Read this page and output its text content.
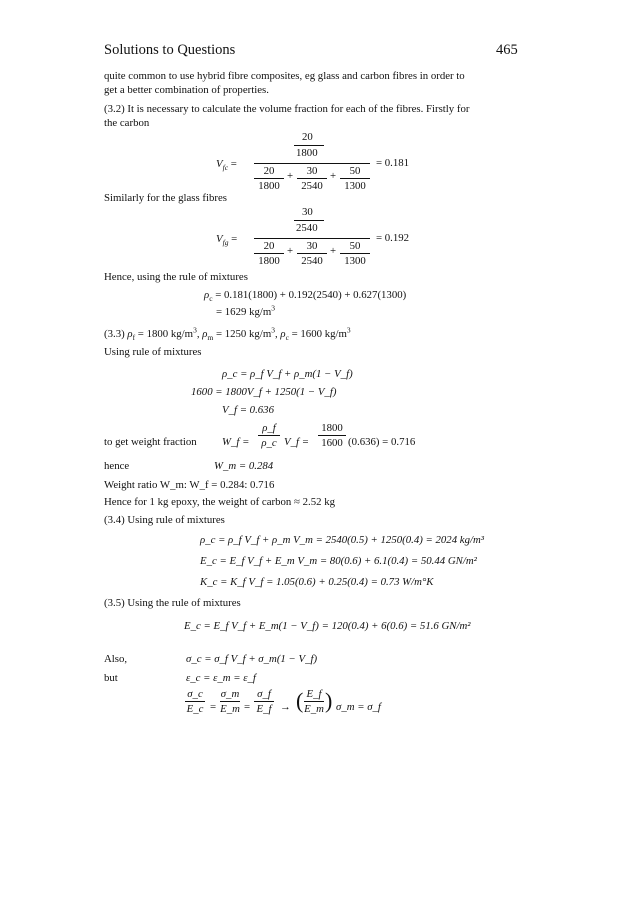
Solutions to Questions	465
quite common to use hybrid fibre composites, eg glass and carbon fibres in order to
get a better combination of properties.
(3.2) It is necessary to calculate the volume fraction for each of the fibres. Firstly for
the carbon
$V_{fc}$ =
20
1800
20
1800
+	30
2540
+	50
1300
= 0.181
Similarly for the glass fibres
$V_{fg}$ =
30
2540
20
1800
+	30
2540
+	50
1300
= 0.192
Hence, using the rule of mixtures
$\rho_c = 0.181(1800) + 0.192(2540) + 0.627(1300)$
= 1629 $kg/m^3$
(3.3) $\rho_f = 1800$ $kg/m^3$, $\rho_m = 1250$ $kg/m^3$, $\rho_c = 1600$ $kg/m^3$
Using rule of mixtures
ρ_c = ρ_f V_f + ρ_m(1 − V_f)
1600 = 1800V_f + 1250(1 − V_f)
V_f = 0.636
to get weight fraction W_f =
ρ_f
ρ_c V_f =
1800
1600 (0.636) = 0.716
hence	W_m = 0.284
Weight ratio W_m: W_f = 0.284: 0.716
Hence for 1 kg epoxy, the weight of carbon ≈ 2.52 kg
(3.4) Using rule of mixtures
ρ_c = ρ_f V_f + ρ_m V_m = 2540(0.5) + 1250(0.4) = 2024 kg/m³
E_c = E_f V_f + E_m V_m = 80(0.6) + 6.1(0.4) = 50.44 GN/m²
K_c = K_f V_f = 1.05(0.6) + 0.25(0.4) = 0.73 W/m°K
(3.5) Using the rule of mixtures
E_c = E_f V_f + E_m(1 − V_f) = 120(0.4) + 6(0.6) = 51.6 GN/m²
Also,	σ_c = σ_f V_f + σ_m(1 − V_f)
but	ε_c = ε_m = ε_f
σ_c
E_c =
σ_m
E_m =
σ_f
E_f → ( E_f
E_m ) σ_m = σ_f
